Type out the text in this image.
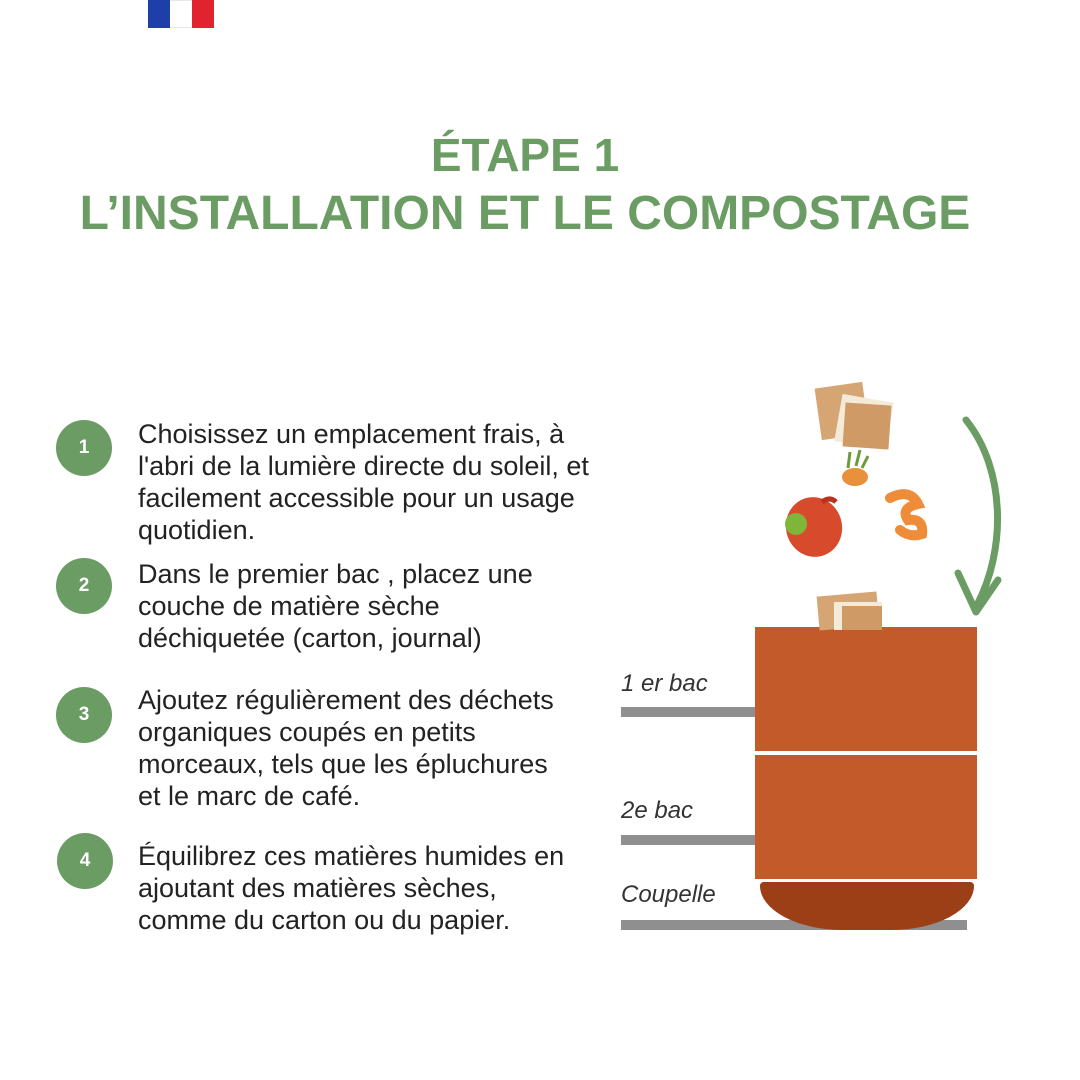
ÉTAPE 1
L’INSTALLATION ET LE COMPOSTAGE
1	Choisissez un emplacement frais, à l'abri de la lumière directe du soleil, et facilement accessible pour un usage quotidien.
2	Dans le premier bac , placez une couche de matière sèche déchiquetée (carton, journal)
3	Ajoutez régulièrement des déchets organiques coupés en petits morceaux, tels que les épluchures et le marc de café.
4	Équilibrez ces matières humides en ajoutant des matières sèches, comme du carton ou du papier.
1 er bac
2e bac
Coupelle
